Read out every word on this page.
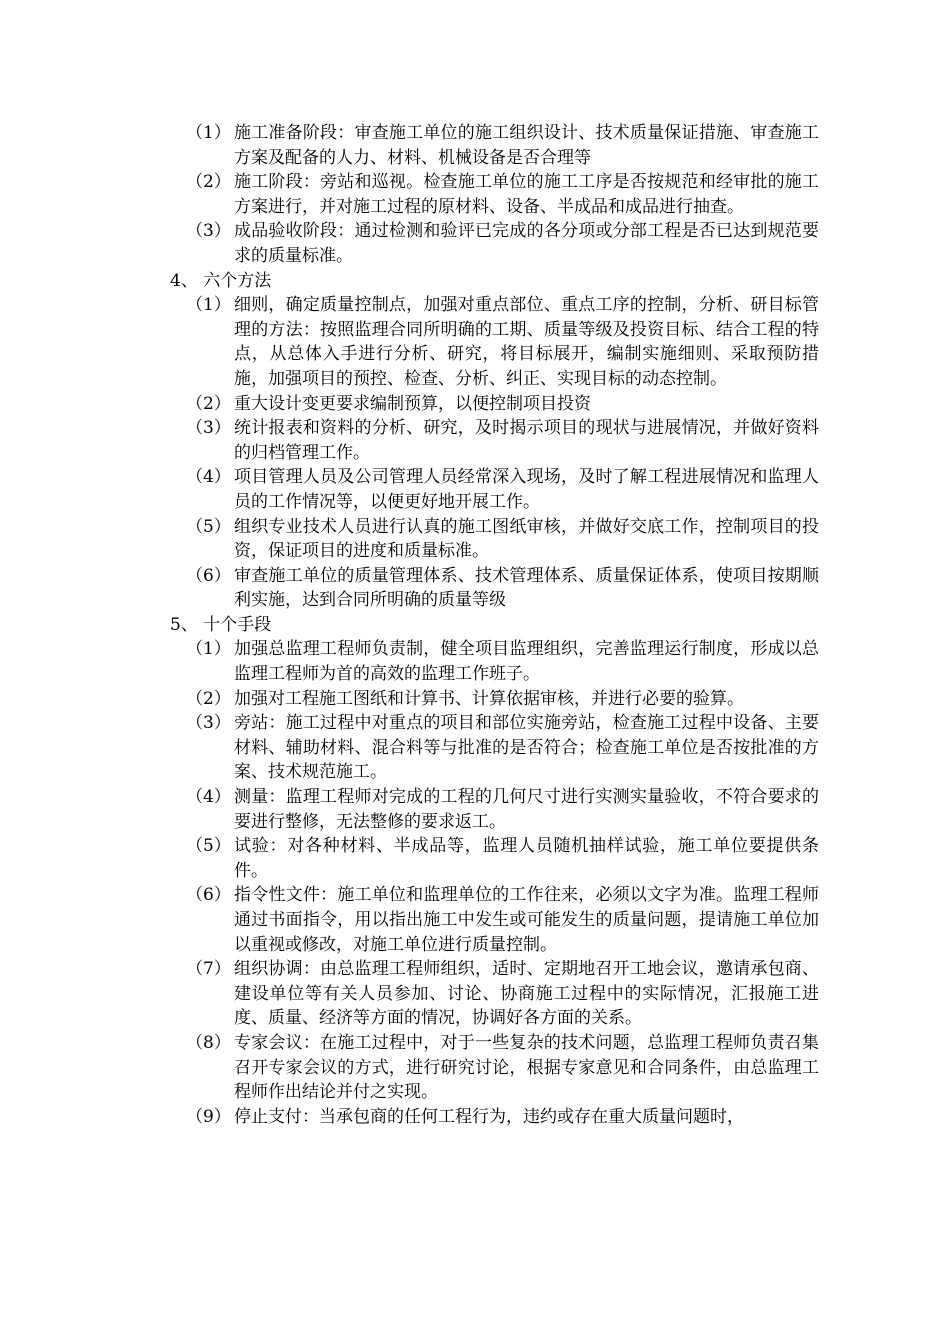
（1） 施工准备阶段：审查施工单位的施工组织设计、技术质量保证措施、审查施工方案及配备的人力、材料、机械设备是否合理等
（2） 施工阶段：旁站和巡视。检查施工单位的施工工序是否按规范和经审批的施工方案进行，并对施工过程的原材料、设备、半成品和成品进行抽查。
（3） 成品验收阶段：通过检测和验评已完成的各分项或分部工程是否已达到规范要求的质量标准。
4、 六个方法
（1） 细则，确定质量控制点，加强对重点部位、重点工序的控制，分析、研目标管理的方法：按照监理合同所明确的工期、质量等级及投资目标、结合工程的特点，从总体入手进行分析、研究，将目标展开，编制实施细则、采取预防措施，加强项目的预控、检查、分析、纠正、实现目标的动态控制。
（2） 重大设计变更要求编制预算，以便控制项目投资
（3） 统计报表和资料的分析、研究，及时揭示项目的现状与进展情况，并做好资料的归档管理工作。
（4） 项目管理人员及公司管理人员经常深入现场，及时了解工程进展情况和监理人员的工作情况等，以便更好地开展工作。
（5） 组织专业技术人员进行认真的施工图纸审核，并做好交底工作，控制项目的投资，保证项目的进度和质量标准。
（6） 审查施工单位的质量管理体系、技术管理体系、质量保证体系，使项目按期顺利实施，达到合同所明确的质量等级
5、 十个手段
（1） 加强总监理工程师负责制，健全项目监理组织，完善监理运行制度，形成以总监理工程师为首的高效的监理工作班子。
（2） 加强对工程施工图纸和计算书、计算依据审核，并进行必要的验算。
（3） 旁站：施工过程中对重点的项目和部位实施旁站，检查施工过程中设备、主要材料、辅助材料、混合料等与批准的是否符合；检查施工单位是否按批准的方案、技术规范施工。
（4） 测量：监理工程师对完成的工程的几何尺寸进行实测实量验收，不符合要求的要进行整修，无法整修的要求返工。
（5） 试验：对各种材料、半成品等，监理人员随机抽样试验，施工单位要提供条件。
（6） 指令性文件：施工单位和监理单位的工作往来，必须以文字为准。监理工程师通过书面指令，用以指出施工中发生或可能发生的质量问题，提请施工单位加以重视或修改，对施工单位进行质量控制。
（7） 组织协调：由总监理工程师组织，适时、定期地召开工地会议，邀请承包商、建设单位等有关人员参加、讨论、协商施工过程中的实际情况，汇报施工进度、质量、经济等方面的情况，协调好各方面的关系。
（8） 专家会议：在施工过程中，对于一些复杂的技术问题，总监理工程师负责召集召开专家会议的方式，进行研究讨论，根据专家意见和合同条件，由总监理工程师作出结论并付之实现。
（9） 停止支付：当承包商的任何工程行为，违约或存在重大质量问题时，
